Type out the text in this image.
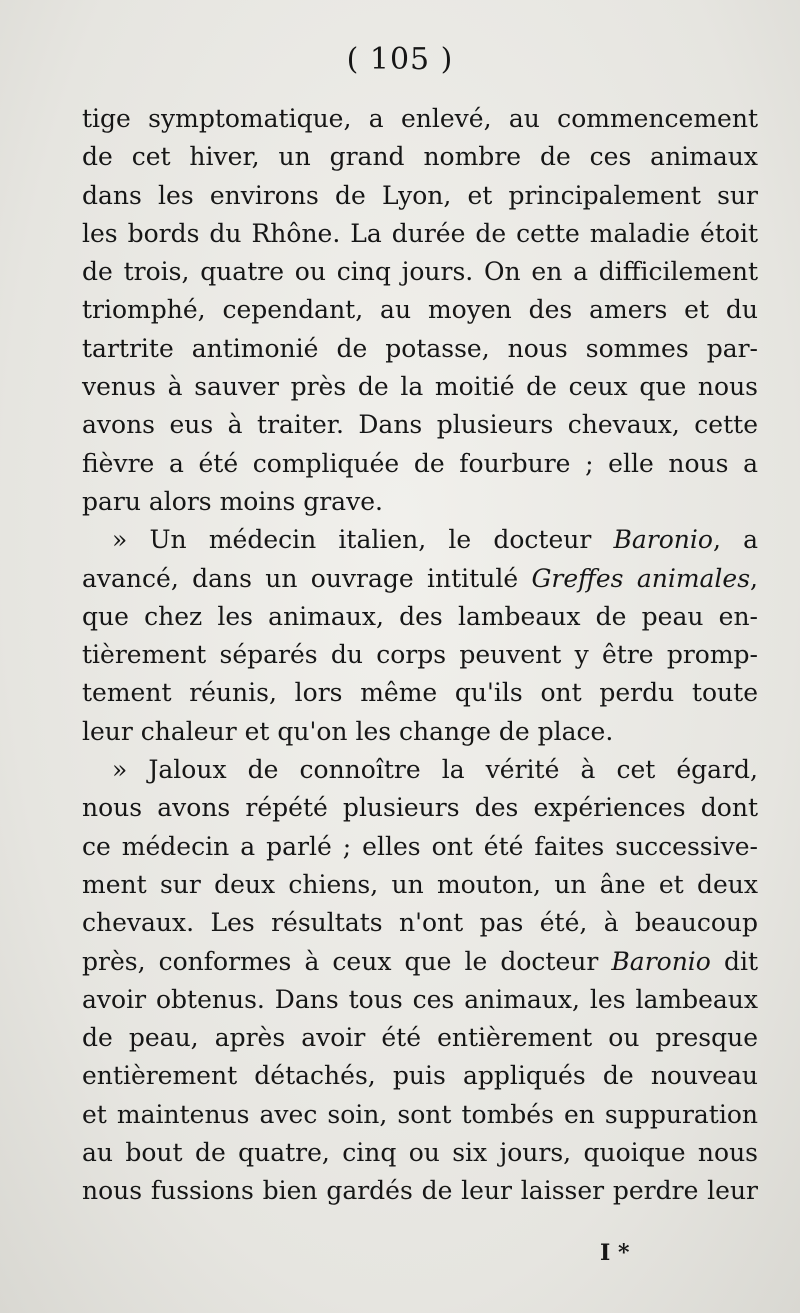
( 105 )
tige symptomatique, a enlevé, au commencement
de cet hiver, un grand nombre de ces animaux
dans les environs de Lyon, et principalement sur
les bords du Rhône. La durée de cette maladie étoit
de trois, quatre ou cinq jours. On en a difficilement
triomphé, cependant, au moyen des amers et du
tartrite antimonié de potasse, nous sommes par-
venus à sauver près de la moitié de ceux que nous
avons eus à traiter. Dans plusieurs chevaux, cette
fièvre a été compliquée de fourbure ; elle nous a
paru alors moins grave.
» Un médecin italien, le docteur Baronio, a
avancé, dans un ouvrage intitulé Greffes animales,
que chez les animaux, des lambeaux de peau en-
tièrement séparés du corps peuvent y être promp-
tement réunis, lors même qu'ils ont perdu toute
leur chaleur et qu'on les change de place.
» Jaloux de connoître la vérité à cet égard,
nous avons répété plusieurs des expériences dont
ce médecin a parlé ; elles ont été faites successive-
ment sur deux chiens, un mouton, un âne et deux
chevaux. Les résultats n'ont pas été, à beaucoup
près, conformes à ceux que le docteur Baronio dit
avoir obtenus. Dans tous ces animaux, les lambeaux
de peau, après avoir été entièrement ou presque
entièrement détachés, puis appliqués de nouveau
et maintenus avec soin, sont tombés en suppuration
au bout de quatre, cinq ou six jours, quoique nous
nous fussions bien gardés de leur laisser perdre leur
I *
